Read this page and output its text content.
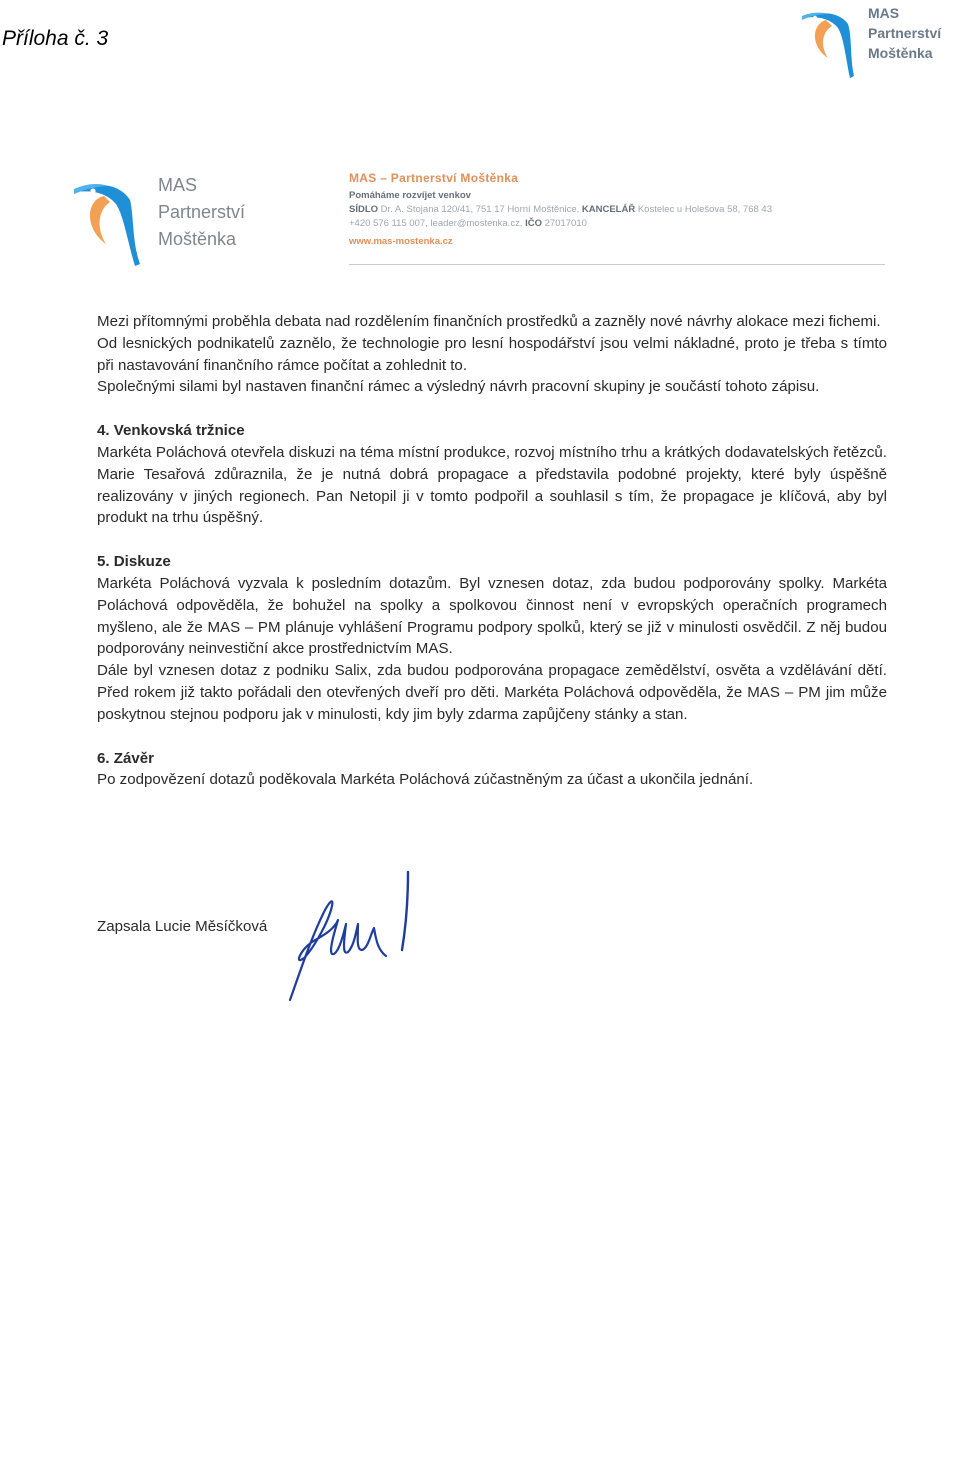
Příloha č. 3
MAS
Partnerství
Moštěnka
MAS
Partnerství
Moštěnka
MAS – Partnerství Moštěnka
Pomáháme rozvíjet venkov
SÍDLO Dr. A. Stojana 120/41, 751 17 Horní Moštěnice, KANCELÁŘ Kostelec u Holešova 58, 768 43
+420 576 115 007, leader@mostenka.cz, IČO 27017010
www.mas-mostenka.cz

Mezi přítomnými proběhla debata nad rozdělením finančních prostředků a zazněly nové návrhy alokace mezi fichemi.

Od lesnických podnikatelů zaznělo, že technologie pro lesní hospodářství jsou velmi nákladné, proto je třeba s tímto při nastavování finančního rámce počítat a zohlednit to.

Společnými silami byl nastaven finanční rámec a výsledný návrh pracovní skupiny je součástí tohoto zápisu.

4. Venkovská tržnice

Markéta Poláchová otevřela diskuzi na téma místní produkce, rozvoj místního trhu a krátkých dodavatelských řetězců. Marie Tesařová zdůraznila, že je nutná dobrá propagace a představila podobné projekty, které byly úspěšně realizovány v jiných regionech. Pan Netopil ji v tomto podpořil a souhlasil s tím, že propagace je klíčová, aby byl produkt na trhu úspěšný.

5. Diskuze

Markéta Poláchová vyzvala k posledním dotazům. Byl vznesen dotaz, zda budou podporovány spolky. Markéta Poláchová odpověděla, že bohužel na spolky a spolkovou činnost není v evropských operačních programech myšleno, ale že MAS – PM plánuje vyhlášení Programu podpory spolků, který se již v minulosti osvědčil. Z něj budou podporovány neinvestiční akce prostřednictvím MAS.

Dále byl vznesen dotaz z podniku Salix, zda budou podporována propagace zemědělství, osvěta a vzdělávání dětí. Před rokem již takto pořádali den otevřených dveří pro děti. Markéta Poláchová odpověděla, že MAS – PM jim může poskytnou stejnou podporu jak v minulosti, kdy jim byly zdarma zapůjčeny stánky a stan.

6. Závěr

Po zodpovězení dotazů poděkovala Markéta Poláchová zúčastněným za účast a ukončila jednání.

Zapsala Lucie Měsíčková
